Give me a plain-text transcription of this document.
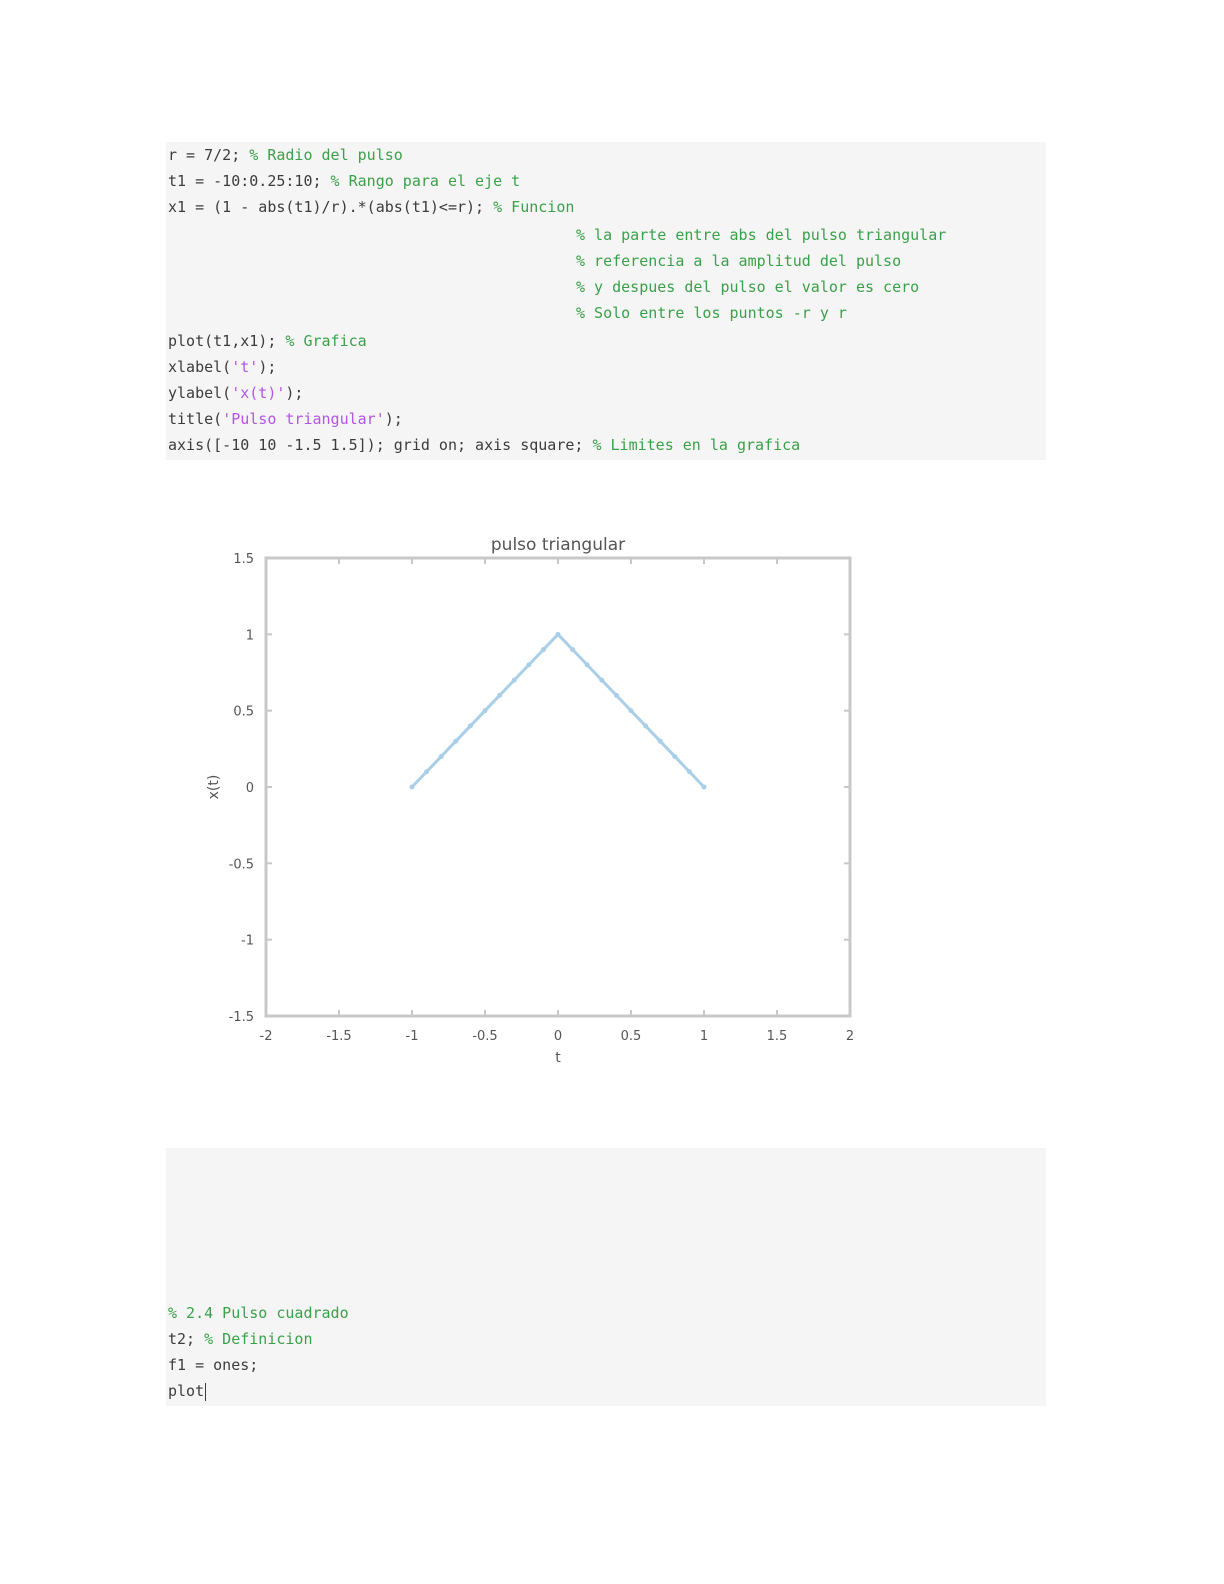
r = 7/2; % Radio del pulso
t1 = -10:0.25:10; % Rango para el eje t
x1 = (1 - abs(t1)/r).*(abs(t1)<=r); % Funcion
% la parte entre abs del pulso triangular
% referencia a la amplitud del pulso
% y despues del pulso el valor es cero
% Solo entre los puntos -r y r
plot(t1,x1); % Grafica
xlabel('t');
ylabel('x(t)');
title('Pulso triangular');
axis([-10 10 -1.5 1.5]); grid on; axis square; % Limites en la grafica
-2	-1.5	-1	-0.5	0	0.5	1	1.5	2
-1.5
-1
-0.5
0
0.5
1
1.5
pulso triangular
t
x(t)
% 2.4 Pulso cuadrado
t2; % Definicion
f1 = ones;
plot
